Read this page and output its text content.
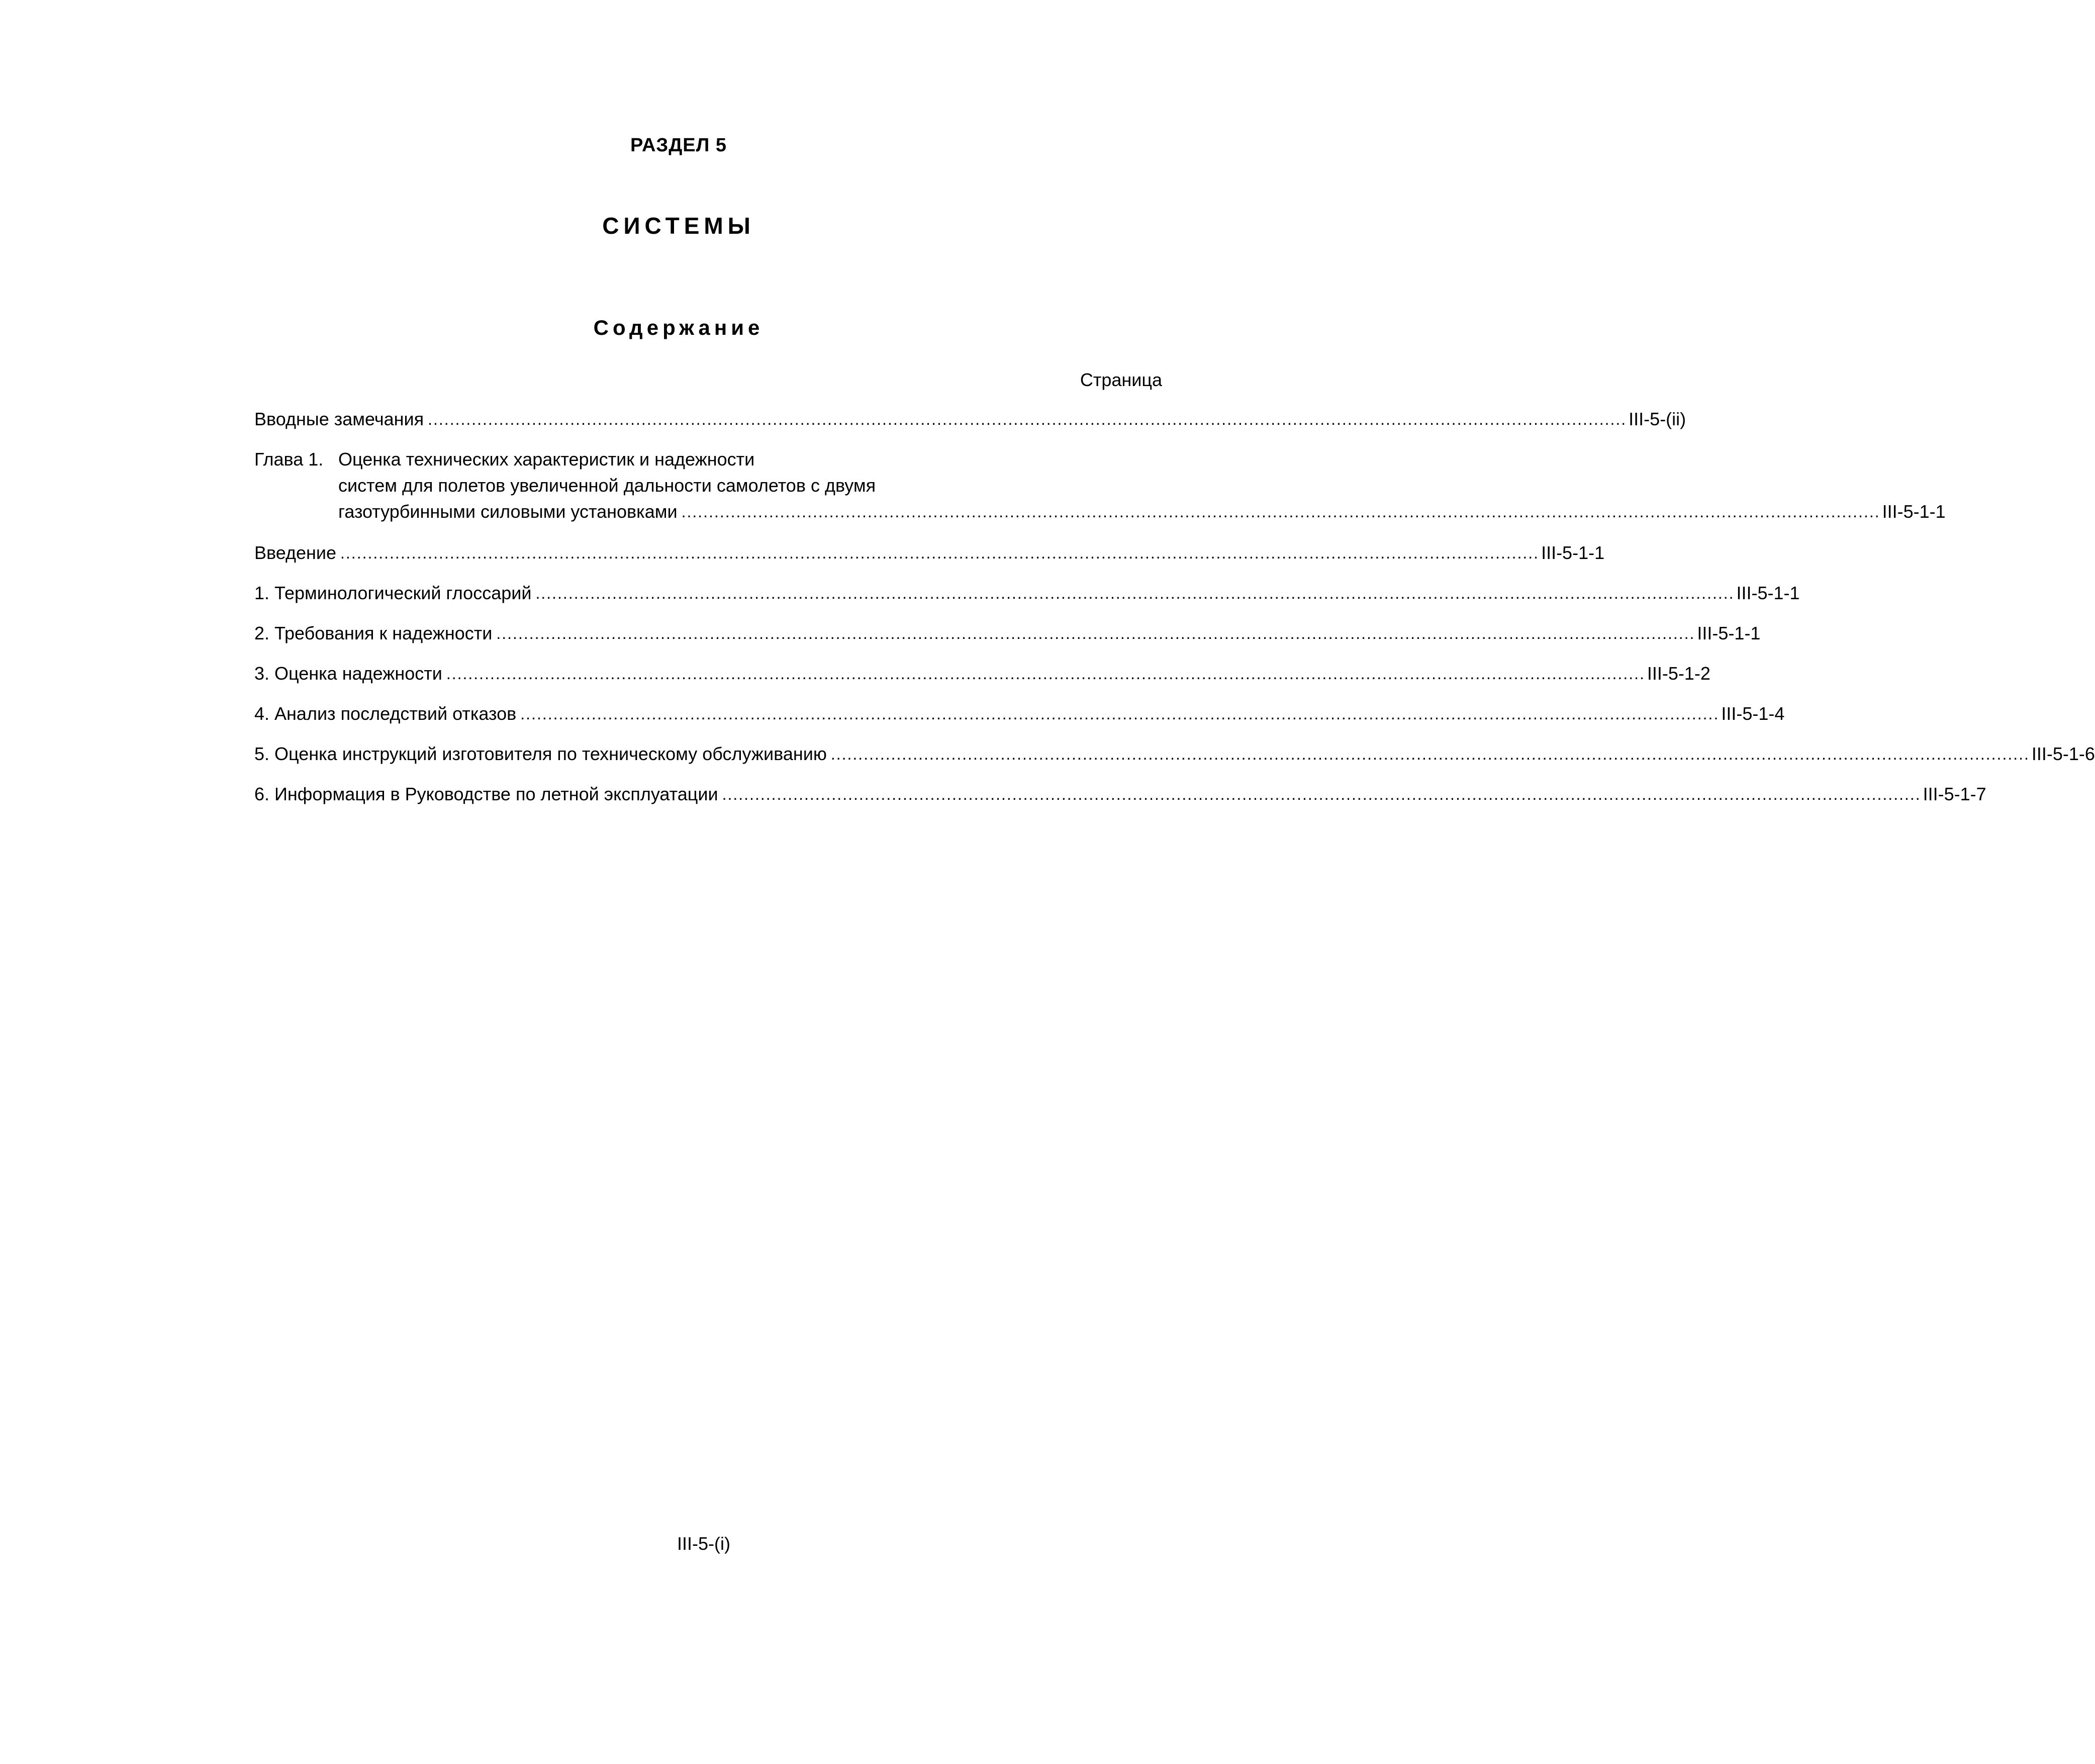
РАЗДЕЛ 5
СИСТЕМЫ
Содержание
Страница
Вводные замечания ........................................................................................................................................................................................................................... III-5-(ii)
Глава 1. Оценка технических характеристик и надежности
систем для полетов увеличенной дальности самолетов с двумя
газотурбинными силовыми установками ........................................................................................................................................................................................................................... III-5-1-1
Введение ........................................................................................................................................................................................................................... III-5-1-1
1. Терминологический глоссарий ........................................................................................................................................................................................................................... III-5-1-1
2. Требования к надежности ........................................................................................................................................................................................................................... III-5-1-1
3. Оценка надежности ........................................................................................................................................................................................................................... III-5-1-2
4. Анализ последствий отказов ........................................................................................................................................................................................................................... III-5-1-4
5. Оценка инструкций изготовителя по техническому обслуживанию ........................................................................................................................................................................................................................... III-5-1-6
6. Информация в Руководстве по летной эксплуатации ........................................................................................................................................................................................................................... III-5-1-7
III-5-(i)
